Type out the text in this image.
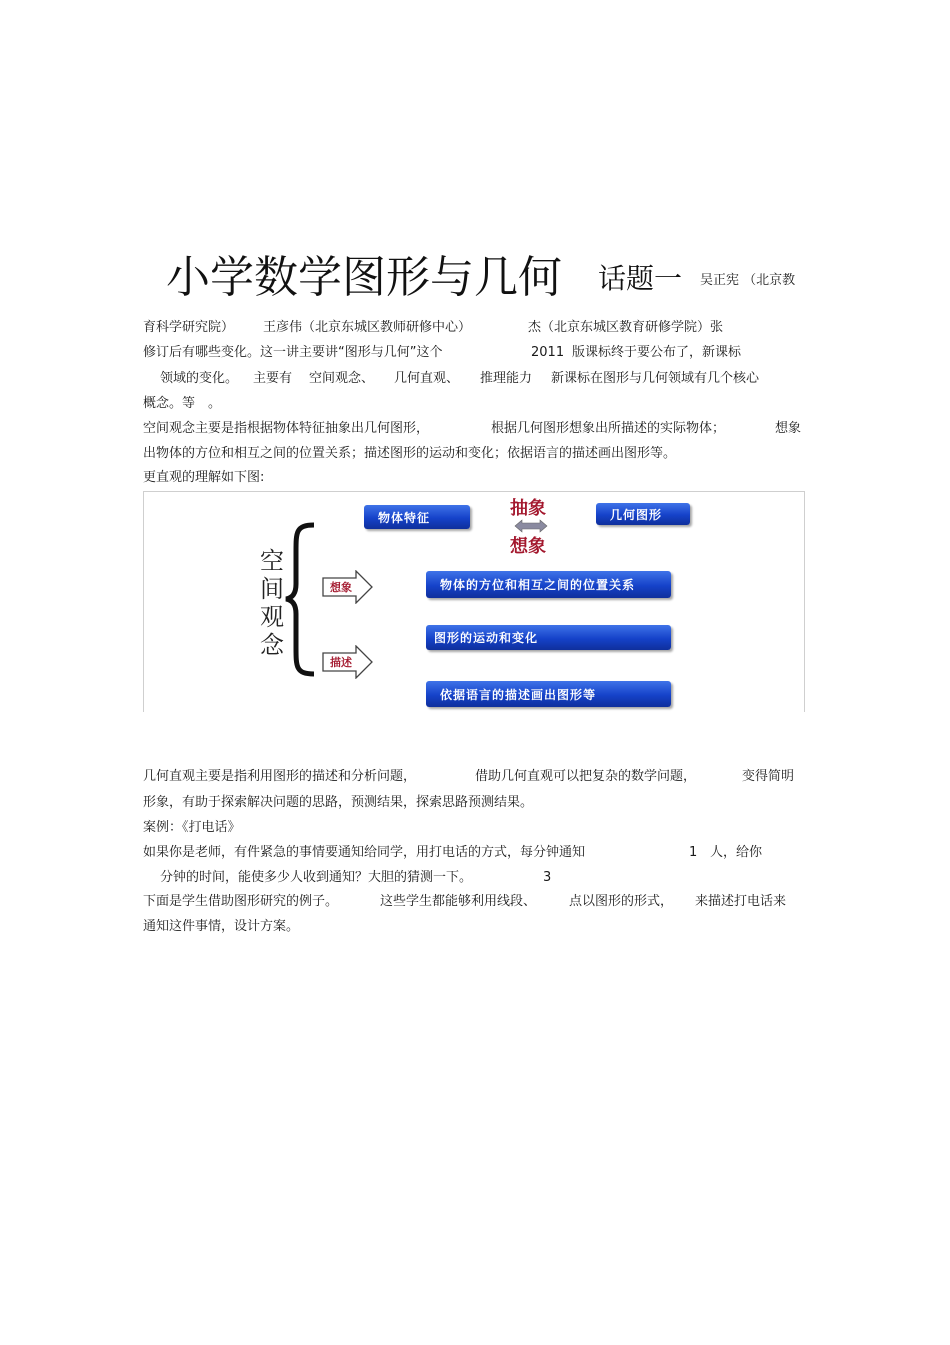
小学数学图形与几何 话题一 吴正宪 （北京教
育科学研究院） 王彦伟（北京东城区教师研修中心）	杰（北京东城区教育研修学院）张
修订后有哪些变化。这一讲主要讲“图形与几何”这个	2011 版课标终于要公布了，新课标
领域的变化。 主要有 空间观念、 几何直观、 推理能力 新课标在图形与几何领域有几个核心
概念。等　。
空间观念主要是指根据物体特征抽象出几何图形，	根据几何图形想象出所描述的实际物体；	想象
出物体的方位和相互之间的位置关系；描述图形的运动和变化；依据语言的描述画出图形等。
更直观的理解如下图:
空间观念
物体特征	几何图形
抽象
想象
想象
描述
物体的方位和相互之间的位置关系
图形的运动和变化
依据语言的描述画出图形等
几何直观主要是指利用图形的描述和分析问题，	借助几何直观可以把复杂的数学问题，	变得简明
形象，有助于探索解决问题的思路，预测结果，探索思路预测结果。
案例：《打电话》
如果你是老师，有件紧急的事情要通知给同学，用打电话的方式，每分钟通知	1 人，给你
分钟的时间，能使多少人收到通知？大胆的猜测一下。	3
下面是学生借助图形研究的例子。	这些学生都能够利用线段、	点以图形的形式， 来描述打电话来
通知这件事情，设计方案。
